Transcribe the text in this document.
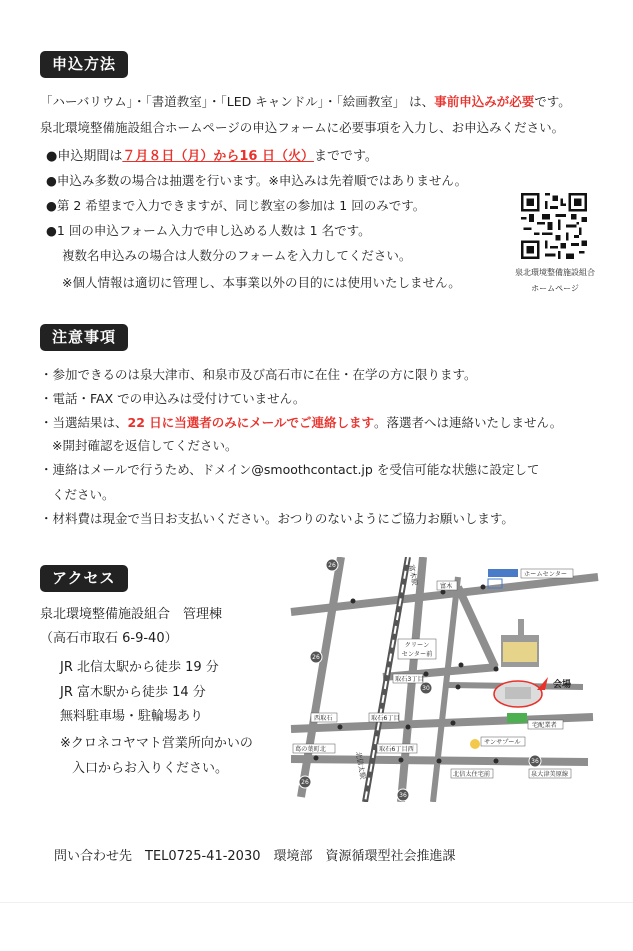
申込方法
「ハーバリウム」・「書道教室」・「LED キャンドル」・「絵画教室」 は、事前申込みが必要です。
泉北環境整備施設組合ホームページの申込フォームに必要事項を入力し、お申込みください。
●申込期間は７月８日（月）から16 日（火）までです。
●申込み多数の場合は抽選を行います。※申込みは先着順ではありません。
●第 2 希望まで入力できますが、同じ教室の参加は 1 回のみです。
●1 回の申込フォーム入力で申し込める人数は 1 名です。
複数名申込みの場合は人数分のフォームを入力してください。
※個人情報は適切に管理し、本事業以外の目的には使用いたしません。
泉北環境整備施設組合
ホームページ
注意事項
・参加できるのは泉大津市、和泉市及び高石市に在住・在学の方に限ります。
・電話・FAX での申込みは受付けていません。
・当選結果は、22 日に当選者のみにメールでご連絡します。落選者へは連絡いたしません。
※開封確認を返信してください。
・連絡はメールで行うため、ドメイン@smoothcontact.jp を受信可能な状態に設定して
ください。
・材料費は現金で当日お支払いください。おつりのないようにご協力お願いします。
アクセス
泉北環境整備施設組合　管理棟
（高石市取石 6-9-40）
JR 北信太駅から徒歩 19 分
JR 富木駅から徒歩 14 分
無料駐車場・駐輪場あり
※クロネコヤマト営業所向かいの
入口からお入りください。
26
26
30
36
26
36
ホームセンター
富木
クリーン
センター前
取石3丁目
西取石	取石6丁目
宅配業者
葛の葉町北	取石6丁目西
サンサプール
北信太住宅前	泉大津美原線
富木駅
北信太駅
会場
問い合わせ先　TEL0725-41-2030　環境部　資源循環型社会推進課
